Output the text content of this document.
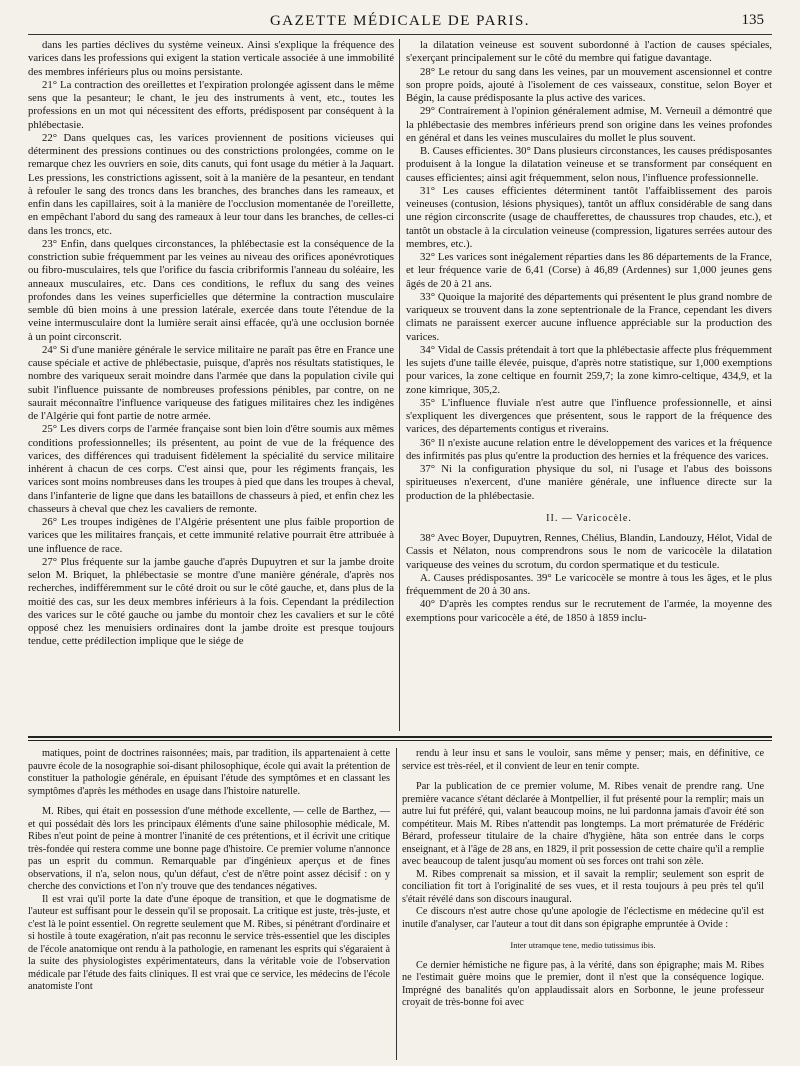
GAZETTE MÉDICALE DE PARIS.	135

dans les parties déclives du système veineux. Ainsi s'explique la fréquence des varices dans les professions qui exigent la station verticale associée à une immobilité des membres inférieurs plus ou moins persistante.

21° La contraction des oreillettes et l'expiration prolongée agissent dans le même sens que la pesanteur; le chant, le jeu des instruments à vent, etc., toutes les professions en un mot qui nécessitent des efforts, prédisposent par conséquent à la phlébectasie.

22° Dans quelques cas, les varices proviennent de positions vicieuses qui déterminent des pressions continues ou des constrictions prolongées, comme on le remarque chez les ouvriers en soie, dits canuts, qui font usage du métier à la Jaquart. Les pressions, les constrictions agissent, soit à la manière de la pesanteur, en tendant à refouler le sang des troncs dans les branches, des branches dans les rameaux, et enfin dans les capillaires, soit à la manière de l'occlusion momentanée de l'oreillette, en empêchant l'abord du sang des rameaux à leur tour dans les branches, de celles-ci dans les troncs, etc.

23° Enfin, dans quelques circonstances, la phlébectasie est la conséquence de la constriction subie fréquemment par les veines au niveau des orifices aponévrotiques ou fibro-musculaires, tels que l'orifice du fascia cribriformis l'anneau du soléaire, les anneaux musculaires, etc. Dans ces conditions, le reflux du sang des veines profondes dans les veines superficielles que détermine la contraction musculaire semble dû bien moins à une pression latérale, exercée dans toute l'étendue de la veine intermusculaire dont la lumière serait ainsi effacée, qu'à une occlusion bornée à un point circonscrit.

24° Si d'une manière générale le service militaire ne paraît pas être en France une cause spéciale et active de phlébectasie, puisque, d'après nos résultats statistiques, le nombre des variqueux serait moindre dans l'armée que dans la population civile qui subit l'influence puissante de nombreuses professions pénibles, par contre, on ne saurait méconnaître l'influence variqueuse des fatigues militaires chez les indigènes de l'Algérie qui font partie de notre armée.

25° Les divers corps de l'armée française sont bien loin d'être soumis aux mêmes conditions professionnelles; ils présentent, au point de vue de la fréquence des varices, des différences qui traduisent fidèlement la spécialité du service militaire inhérent à chacun de ces corps. C'est ainsi que, pour les régiments français, les varices sont moins nombreuses dans les troupes à pied que dans les troupes à cheval, dans l'infanterie de ligne que dans les bataillons de chasseurs à pied, et enfin chez les chasseurs à cheval que chez les cavaliers de remonte.

26° Les troupes indigènes de l'Algérie présentent une plus faible proportion de varices que les militaires français, et cette immunité relative pourrait être attribuée à une influence de race.

27° Plus fréquente sur la jambe gauche d'après Dupuytren et sur la jambe droite selon M. Briquet, la phlébectasie se montre d'une manière générale, d'après nos recherches, indifféremment sur le côté droit ou sur le côté gauche, et, dans plus de la moitié des cas, sur les deux membres inférieurs à la fois. Cependant la prédilection des varices sur le côté gauche ou jambe du montoir chez les cavaliers et sur le côté opposé chez les menuisiers ordinaires dont la jambe droite est presque toujours tendue, cette prédilection implique que le siége de

la dilatation veineuse est souvent subordonné à l'action de causes spéciales, s'exerçant principalement sur le côté du membre qui fatigue davantage.

28° Le retour du sang dans les veines, par un mouvement ascensionnel et contre son propre poids, ajouté à l'isolement de ces vaisseaux, constitue, selon Boyer et Bégin, la cause prédisposante la plus active des varices.

29° Contrairement à l'opinion généralement admise, M. Verneuil a démontré que la phlébectasie des membres inférieurs prend son origine dans les veines profondes en général et dans les veines musculaires du mollet le plus souvent.

B. Causes efficientes. 30° Dans plusieurs circonstances, les causes prédisposantes produisent à la longue la dilatation veineuse et se transforment par conséquent en causes efficientes; ainsi agit fréquemment, selon nous, l'influence professionnelle.

31° Les causes efficientes déterminent tantôt l'affaiblissement des parois veineuses (contusion, lésions physiques), tantôt un afflux considérable de sang dans une région circonscrite (usage de chaufferettes, de chaussures trop chaudes, etc.), et tantôt un obstacle à la circulation veineuse (compression, ligatures serrées autour des membres, etc.).

32° Les varices sont inégalement réparties dans les 86 départements de la France, et leur fréquence varie de 6,41 (Corse) à 46,89 (Ardennes) sur 1,000 jeunes gens âgés de 20 à 21 ans.

33° Quoique la majorité des départements qui présentent le plus grand nombre de variqueux se trouvent dans la zone septentrionale de la France, cependant les divers climats ne paraissent exercer aucune influence appréciable sur la production des varices.

34° Vidal de Cassis prétendait à tort que la phlébectasie affecte plus fréquemment les sujets d'une taille élevée, puisque, d'après notre statistique, sur 1,000 exemptions pour varices, la zone celtique en fournit 259,7; la zone kimro-celtique, 434,9, et la zone kimrique, 305,2.

35° L'influence fluviale n'est autre que l'influence professionnelle, et ainsi s'expliquent les divergences que présentent, sous le rapport de la fréquence des varices, des départements contigus et riverains.

36° Il n'existe aucune relation entre le développement des varices et la fréquence des infirmités pas plus qu'entre la production des hernies et la fréquence des varices.

37° Ni la configuration physique du sol, ni l'usage et l'abus des boissons spiritueuses n'exercent, d'une manière générale, une influence directe sur la production de la phlébectasie.

II. — Varicocèle.

38° Avec Boyer, Dupuytren, Rennes, Chélius, Blandin, Landouzy, Hélot, Vidal de Cassis et Nélaton, nous comprendrons sous le nom de varicocèle la dilatation variqueuse des veines du scrotum, du cordon spermatique et du testicule.

A. Causes prédisposantes. 39° Le varicocèle se montre à tous les âges, et le plus fréquemment de 20 à 30 ans.

40° D'après les comptes rendus sur le recrutement de l'armée, la moyenne des exemptions pour varicocèle a été, de 1850 à 1859 inclu-

matiques, point de doctrines raisonnées; mais, par tradition, ils appartenaient à cette pauvre école de la nosographie soi-disant philosophique, école qui avait la prétention de constituer la pathologie générale, en épuisant l'étude des symptômes et en classant les symptômes d'après les méthodes en usage dans l'histoire naturelle.

M. Ribes, qui était en possession d'une méthode excellente, — celle de Barthez, — et qui possédait dès lors les principaux éléments d'une saine philosophie médicale, M. Ribes n'eut point de peine à montrer l'inanité de ces prétentions, et il écrivit une critique très-fondée qui restera comme une bonne page d'histoire. Ce premier volume n'annonce pas un esprit du commun. Remarquable par d'ingénieux aperçus et de fines observations, il n'a, selon nous, qu'un défaut, c'est de n'être point assez décisif : on y cherche des convictions et l'on n'y trouve que des tendances négatives.

Il est vrai qu'il porte la date d'une époque de transition, et que le dogmatisme de l'auteur est suffisant pour le dessein qu'il se proposait. La critique est juste, très-juste, et c'est là le point essentiel. On regrette seulement que M. Ribes, si pénétrant d'ordinaire et si hostile à toute exagération, n'ait pas reconnu le service très-essentiel que les disciples de l'école anatomique ont rendu à la pathologie, en ramenant les esprits qui s'égaraient à la suite des physiologistes expérimentateurs, dans la véritable voie de l'observation médicale par l'étude des faits cliniques. Il est vrai que ce service, les médecins de l'école anatomiste l'ont

rendu à leur insu et sans le vouloir, sans même y penser; mais, en définitive, ce service est très-réel, et il convient de leur en tenir compte.

Par la publication de ce premier volume, M. Ribes venait de prendre rang. Une première vacance s'étant déclarée à Montpellier, il fut présenté pour la remplir; mais un autre lui fut préféré, qui, valant beaucoup moins, ne lui pardonna jamais d'avoir été son compétiteur. Mais M. Ribes n'attendit pas longtemps. La mort prématurée de Frédéric Bérard, professeur titulaire de la chaire d'hygiène, hâta son entrée dans le corps enseignant, et à l'âge de 28 ans, en 1829, il prit possession de cette chaire qu'il a remplie avec beaucoup de talent jusqu'au moment où ses forces ont trahi son zèle.

M. Ribes comprenait sa mission, et il savait la remplir; seulement son esprit de conciliation fit tort à l'originalité de ses vues, et il resta toujours à peu près tel qu'il s'était révélé dans son discours inaugural.

Ce discours n'est autre chose qu'une apologie de l'éclectisme en médecine qu'il est inutile d'analyser, car l'auteur a tout dit dans son épigraphe empruntée à Ovide :

Inter utramque tene, medio tutissimus ibis.

Ce dernier hémistiche ne figure pas, à la vérité, dans son épigraphe; mais M. Ribes ne l'estimait guère moins que le premier, dont il n'est que la conséquence logique. Imprégné des banalités qu'on applaudissait alors en Sorbonne, le jeune professeur croyait de très-bonne foi avec
